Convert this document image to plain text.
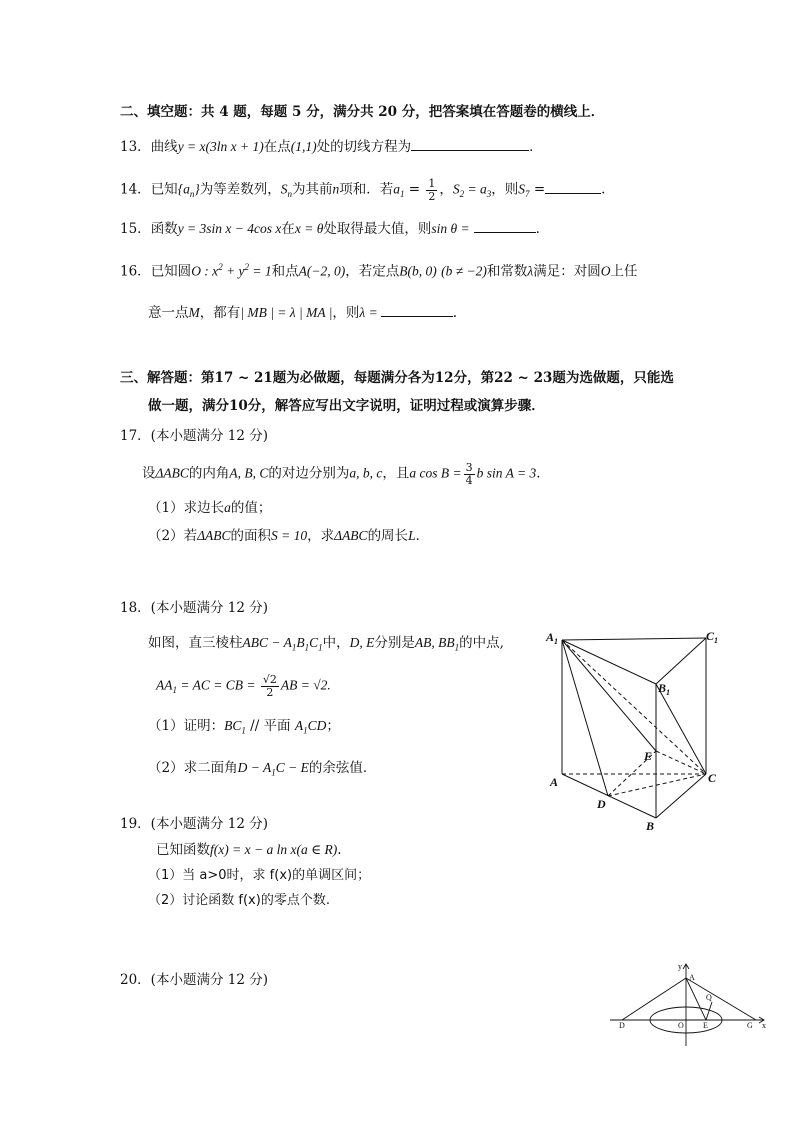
二、填空题：共 4 题，每题 5 分，满分共 20 分，把答案填在答题卷的横线上．
13．曲线y = x(3ln x + 1)在点(1,1)处的切线方程为	．
14．已知$\{a_n\}$为等差数列，$S_n$为其前n项和．若$a_1 = \frac{1}{2}$ ，$S_2 = a_3$，则$S_7$ =	.
15．函数y = 3sin x − 4cos x在x = θ处取得最大值，则sin θ =	．
16．已知圆O : $x^2 + y^2 = 1$和点A(−2, 0)，若定点B(b, 0) (b ≠ −2)和常数λ满足：对圆O上任
意一点M，都有| MB | = λ | MA |，则λ =	.
三、解答题：第17 ~ 21题为必做题，每题满分各为12分，第22 ~ 23题为选做题，只能选
做一题，满分10分，解答应写出文字说明，证明过程或演算步骤．
17．(本小题满分 12 分)
设ΔABC的内角A, B, C的对边分别为a, b, c，且a $\cos B = \frac{3}{4}$ b sin A = 3．
（1）求边长a的值；
（2）若ΔABC的面积S = 10，求ΔABC的周长L．
18．(本小题满分 12 分)
如图，直三棱柱ABC − $A_1B_1C_1$中，D, E分别是AB, $BB_1$的中点,
$AA_1$ = AC = CB = $\frac{√2}{2}$ AB = √2.
（1）证明：$BC_1$ // 平面 $A_1CD$；
（2）求二面角$D - A_1C - E$的余弦值．
$A_1$	$C_1$
$B_1$
A	C
B
D
E
19．(本小题满分 12 分)
已知函数f(x) = x − a ln x(a ∈ R).
（1）当 a>0时，求 f(x)的单调区间；
（2）讨论函数 f(x)的零点个数.
20．(本小题满分 12 分)
y
x
A
Q
D	O E	G
